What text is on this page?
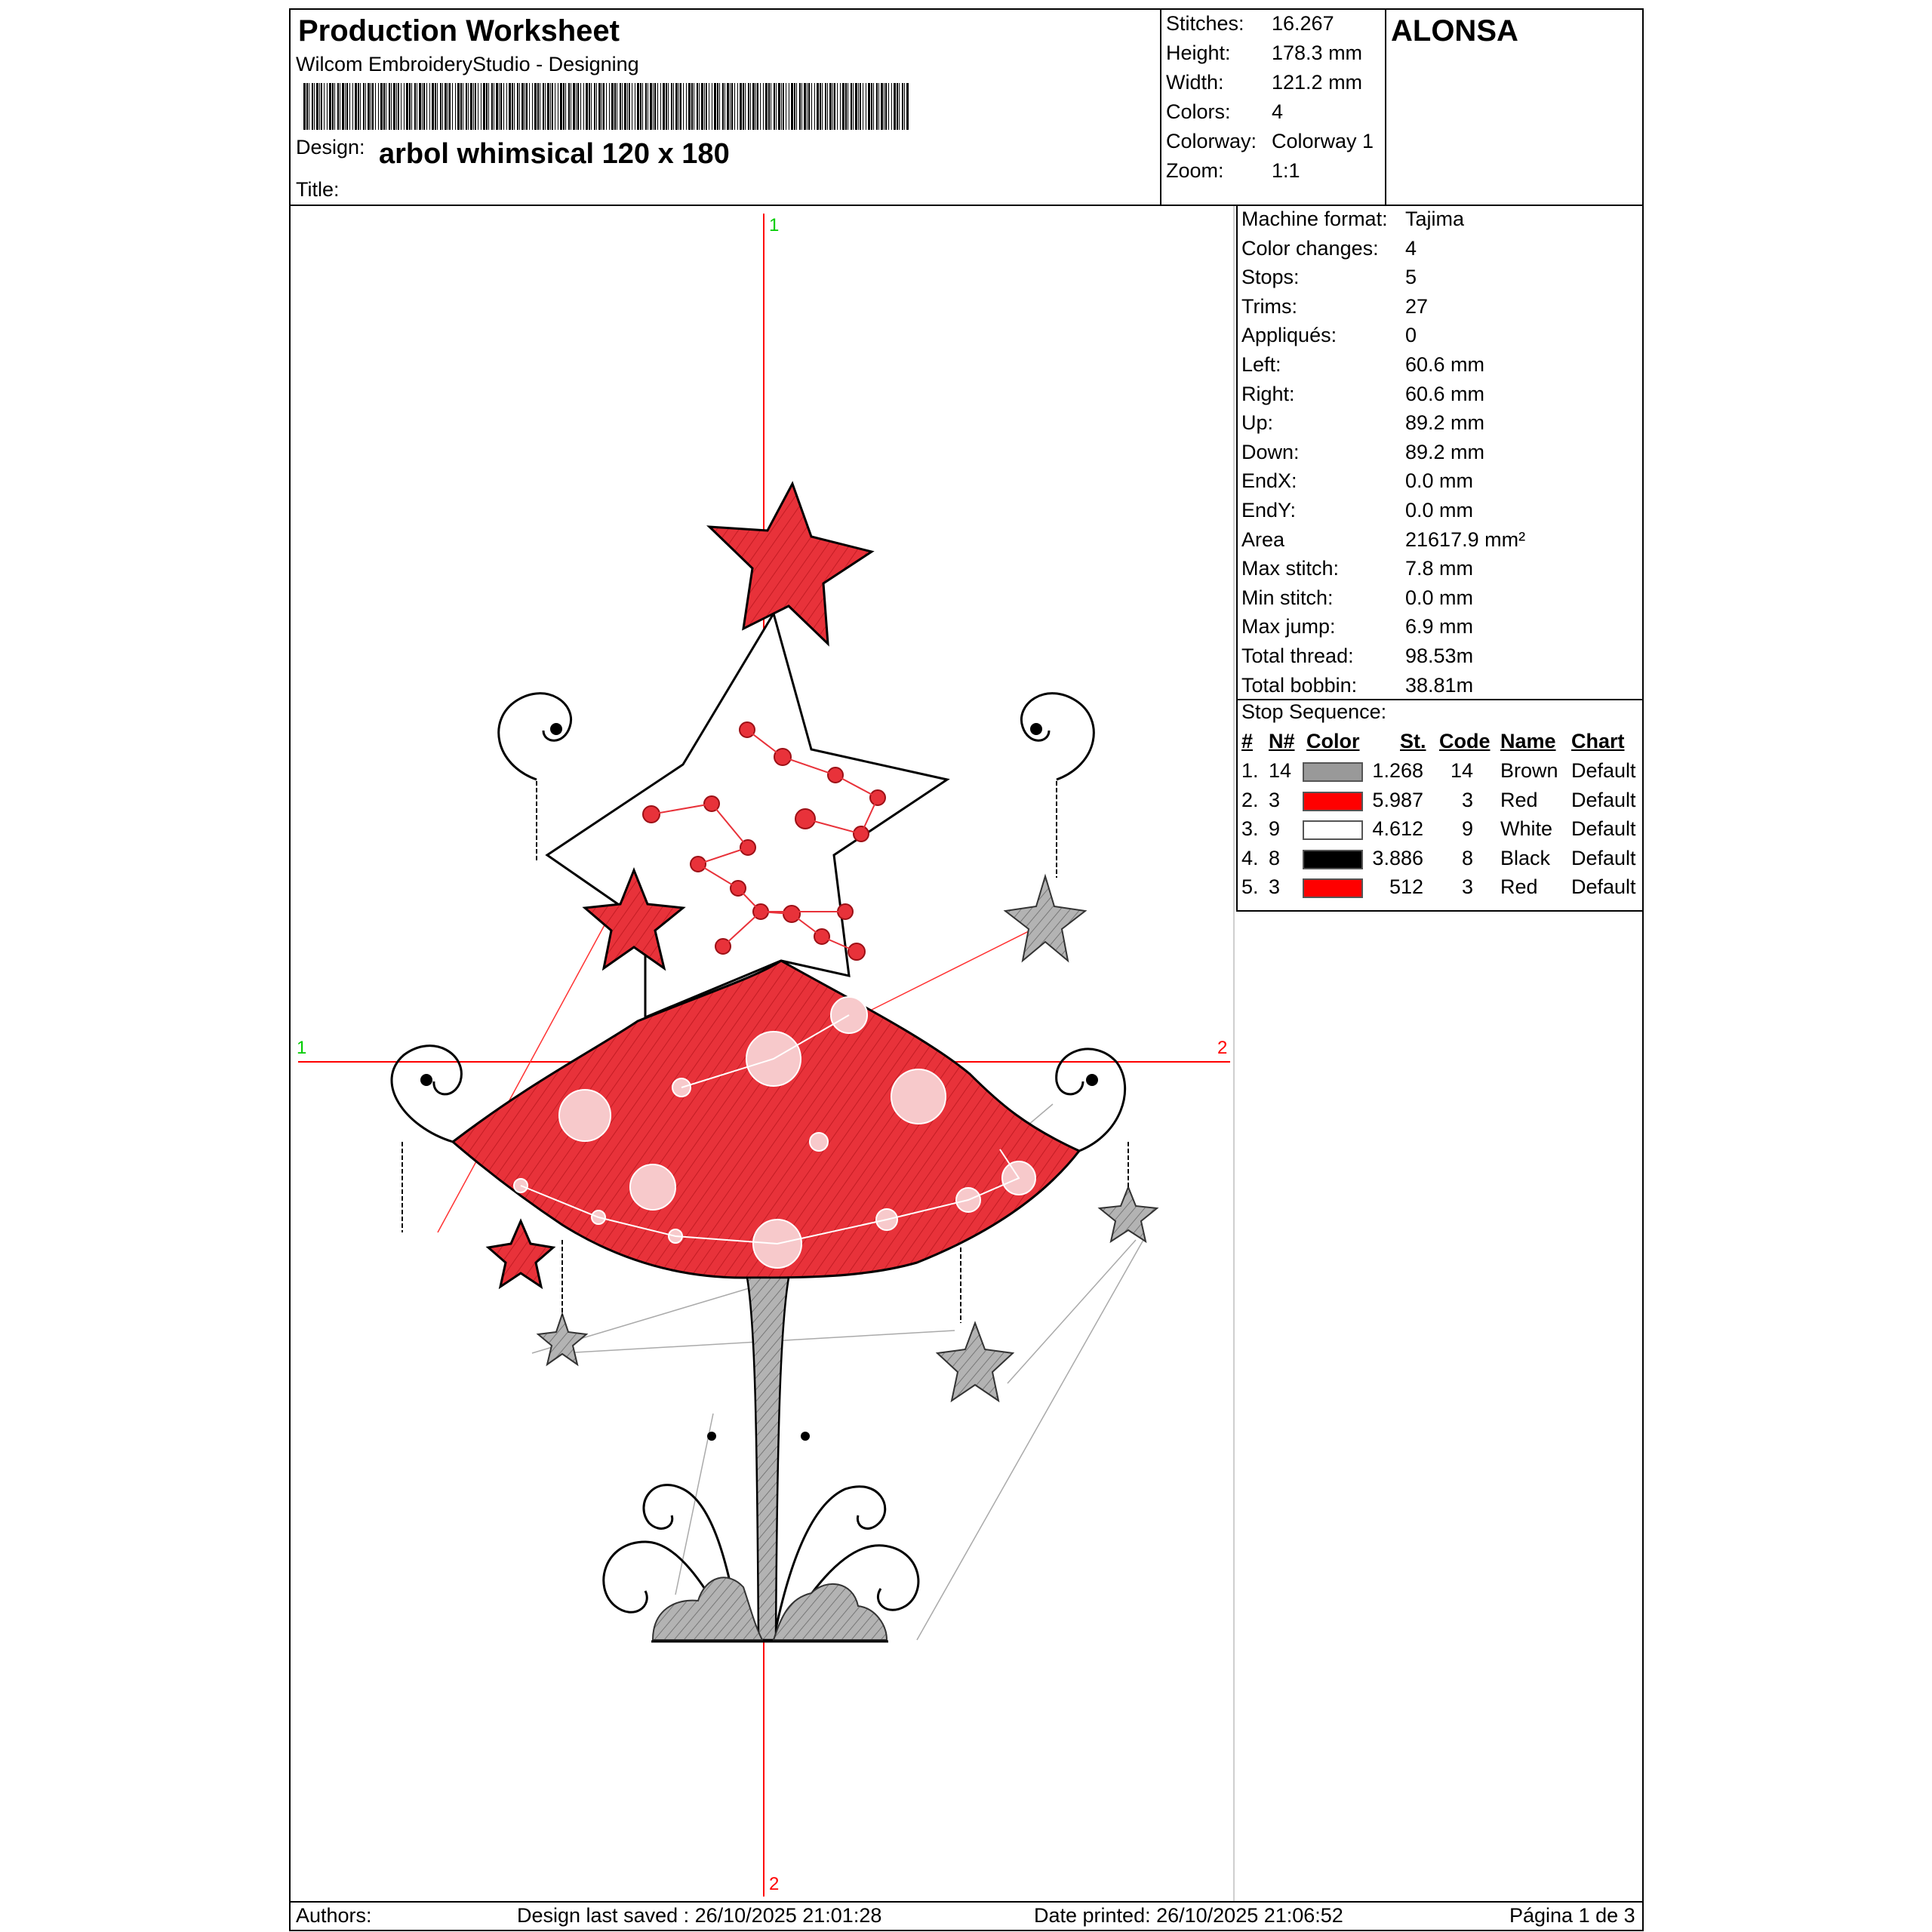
Production Worksheet
Wilcom EmbroideryStudio - Designing
Design: arbol whimsical 120 x 180
Title:
Stitches: 16.267
Height: 178.3 mm
Width: 121.2 mm
Colors: 4
Colorway: Colorway 1
Zoom: 1:1
ALONSA
Machine format: Tajima
Color changes: 4
Stops:	5
Trims:	27
Appliqués:	0
Left:	60.6 mm
Right:	60.6 mm
Up:	89.2 mm
Down:	89.2 mm
EndX:	0.0 mm
EndY:	0.0 mm
Area	21617.9 mm²
Max stitch:	7.8 mm
Min stitch:	0.0 mm
Max jump:	6.9 mm
Total thread:	98.53m
Total bobbin: 38.81m
Stop Sequence:
# N# Color St. Code Name Chart
1. 14	1.268 14 Brown Default
2. 3	5.987 3 Red Default
3. 9	4.612 9 White Default
4. 8	3.886 8 Black Default
5. 3	512 3 Red Default
1
2
1	2
Authors:	Design last saved : 26/10/2025 21:01:28	Date printed: 26/10/2025 21:06:52	Página 1 de 3
